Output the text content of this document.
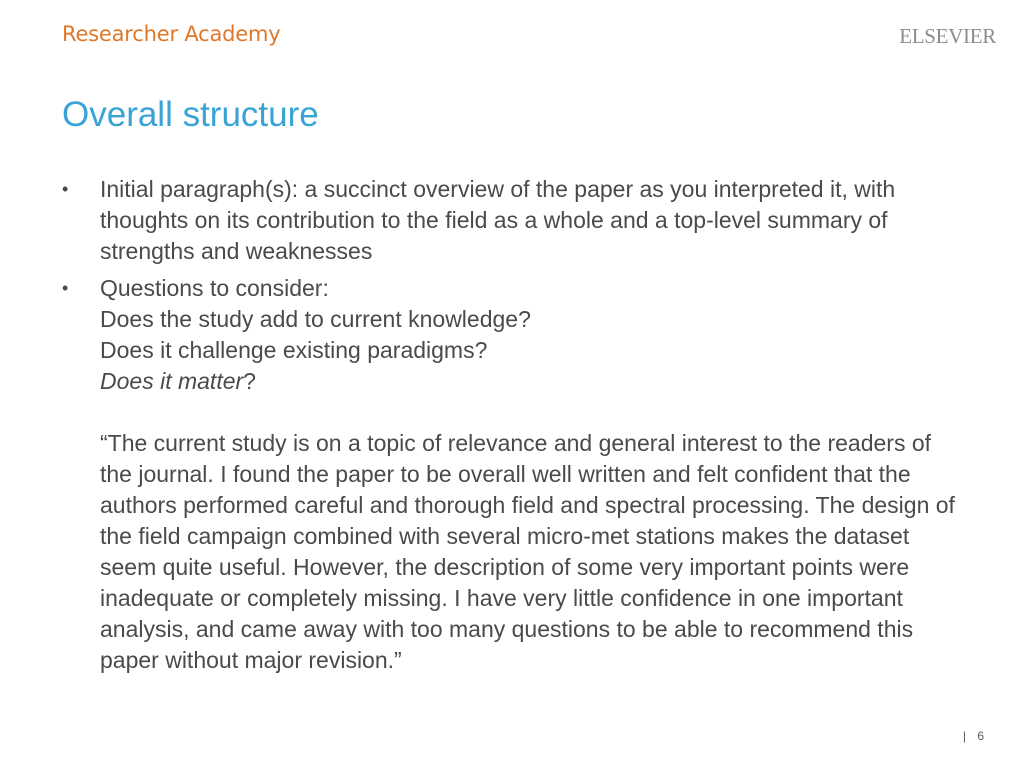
Researcher Academy	ELSEVIER
Overall structure
• Initial paragraph(s): a succinct overview of the paper as you interpreted it, with thoughts on its contribution to the field as a whole and a top-level summary of strengths and weaknesses
• Questions to consider:
Does the study add to current knowledge?
Does it challenge existing paradigms?
Does it matter?
“The current study is on a topic of relevance and general interest to the readers of the journal. I found the paper to be overall well written and felt confident that the authors performed careful and thorough field and spectral processing. The design of the field campaign combined with several micro-met stations makes the dataset seem quite useful. However, the description of some very important points were inadequate or completely missing. I have very little confidence in one important analysis, and came away with too many questions to be able to recommend this paper without major revision.”
| 6
